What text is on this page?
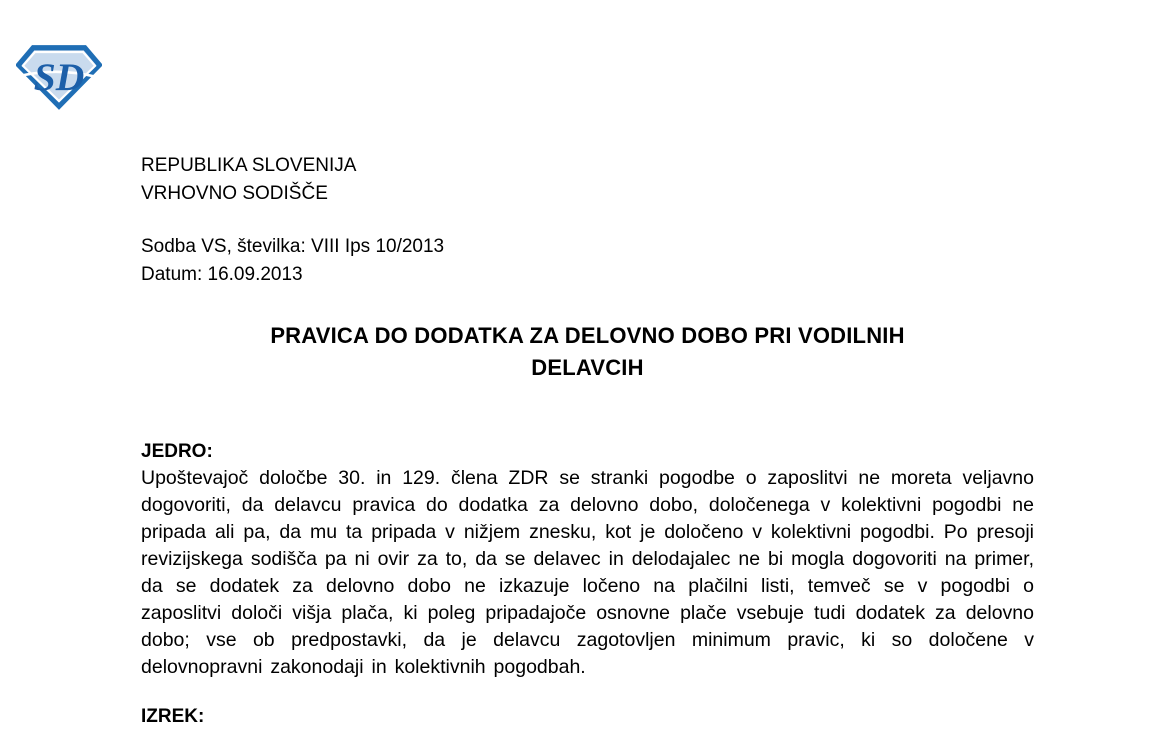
SD
REPUBLIKA SLOVENIJA
VRHOVNO SODIŠČE
Sodba VS, številka: VIII Ips 10/2013
Datum: 16.09.2013
PRAVICA DO DODATKA ZA DELOVNO DOBO PRI VODILNIH
DELAVCIH
JEDRO:
Upoštevajoč določbe 30. in 129. člena ZDR se stranki pogodbe o zaposlitvi ne moreta veljavno dogovoriti, da delavcu pravica do dodatka za delovno dobo, določenega v kolektivni pogodbi ne pripada ali pa, da mu ta pripada v nižjem znesku, kot je določeno v kolektivni pogodbi. Po presoji revizijskega sodišča pa ni ovir za to, da se delavec in delodajalec ne bi mogla dogovoriti na primer, da se dodatek za delovno dobo ne izkazuje ločeno na plačilni listi, temveč se v pogodbi o zaposlitvi določi višja plača, ki poleg pripadajoče osnovne plače vsebuje tudi dodatek za delovno dobo; vse ob predpostavki, da je delavcu zagotovljen minimum pravic, ki so določene v delovnopravni zakonodaji in kolektivnih pogodbah.
IZREK:
